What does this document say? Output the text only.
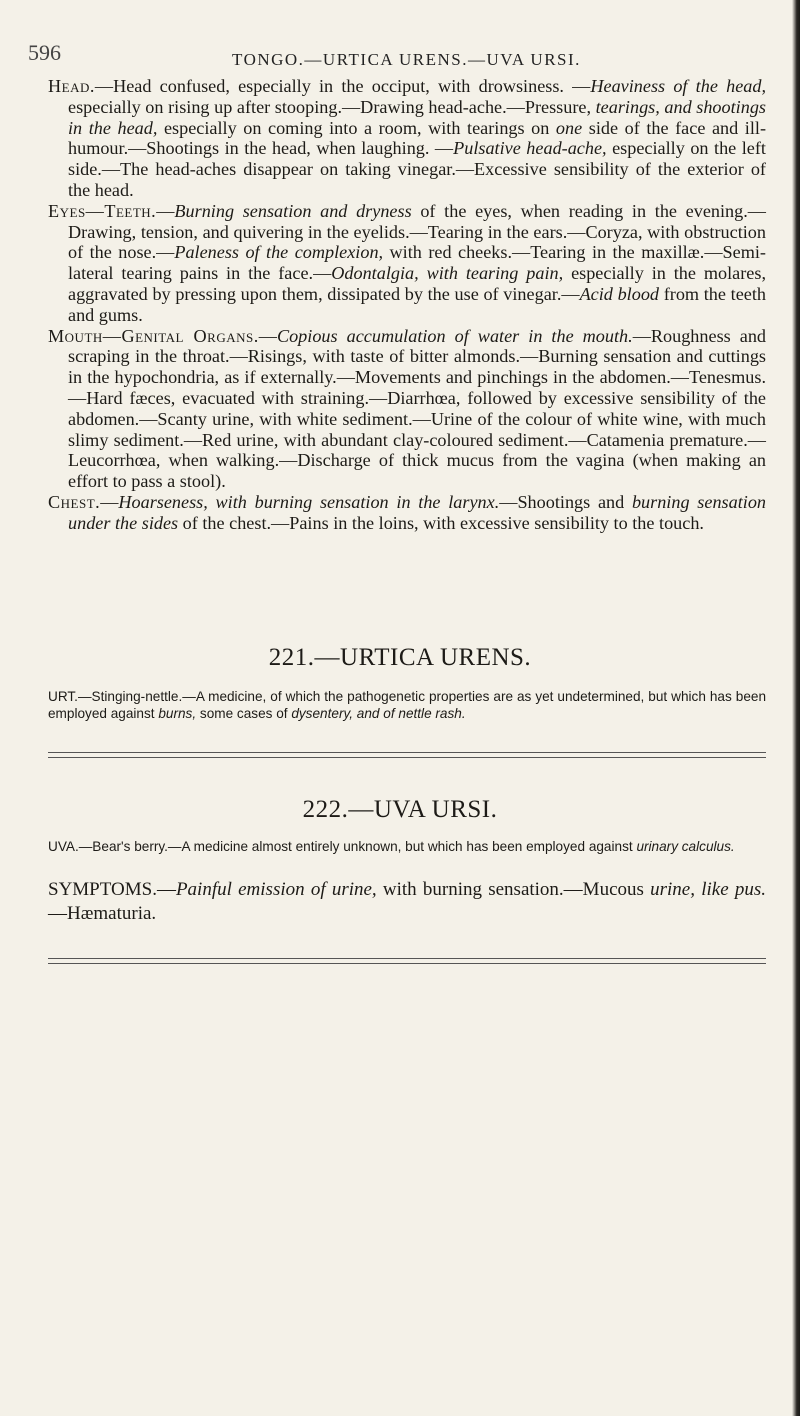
596	TONGO.—URTICA URENS.—UVA URSI.

Head.—Head confused, especially in the occiput, with drowsiness. —Heaviness of the head, especially on rising up after stooping.—Drawing head-ache.—Pressure, tearings, and shootings in the head, especially on coming into a room, with tearings on one side of the face and ill-humour.—Shootings in the head, when laughing. —Pulsative head-ache, especially on the left side.—The head-aches disappear on taking vinegar.—Excessive sensibility of the exterior of the head.

Eyes—Teeth.—Burning sensation and dryness of the eyes, when reading in the evening.—Drawing, tension, and quivering in the eyelids.—Tearing in the ears.—Coryza, with obstruction of the nose.—Paleness of the complexion, with red cheeks.—Tearing in the maxillæ.—Semi-lateral tearing pains in the face.—Odontalgia, with tearing pain, especially in the molares, aggravated by pressing upon them, dissipated by the use of vinegar.—Acid blood from the teeth and gums.

Mouth—Genital Organs.—Copious accumulation of water in the mouth.—Roughness and scraping in the throat.—Risings, with taste of bitter almonds.—Burning sensation and cuttings in the hypochondria, as if externally.—Movements and pinchings in the abdomen.—Tenesmus.—Hard fæces, evacuated with straining.—Diarrhœa, followed by excessive sensibility of the abdomen.—Scanty urine, with white sediment.—Urine of the colour of white wine, with much slimy sediment.—Red urine, with abundant clay-coloured sediment.—Catamenia premature.—Leucorrhœa, when walking.—Discharge of thick mucus from the vagina (when making an effort to pass a stool).

Chest.—Hoarseness, with burning sensation in the larynx.—Shootings and burning sensation under the sides of the chest.—Pains in the loins, with excessive sensibility to the touch.

221.—URTICA URENS.
URT.—Stinging-nettle.—A medicine, of which the pathogenetic properties are as yet undetermined, but which has been employed against burns, some cases of dysentery, and of nettle rash.
222.—UVA URSI.
UVA.—Bear's berry.—A medicine almost entirely unknown, but which has been employed against urinary calculus.
SYMPTOMS.—Painful emission of urine, with burning sensation.—Mucous urine, like pus.—Hæmaturia.
